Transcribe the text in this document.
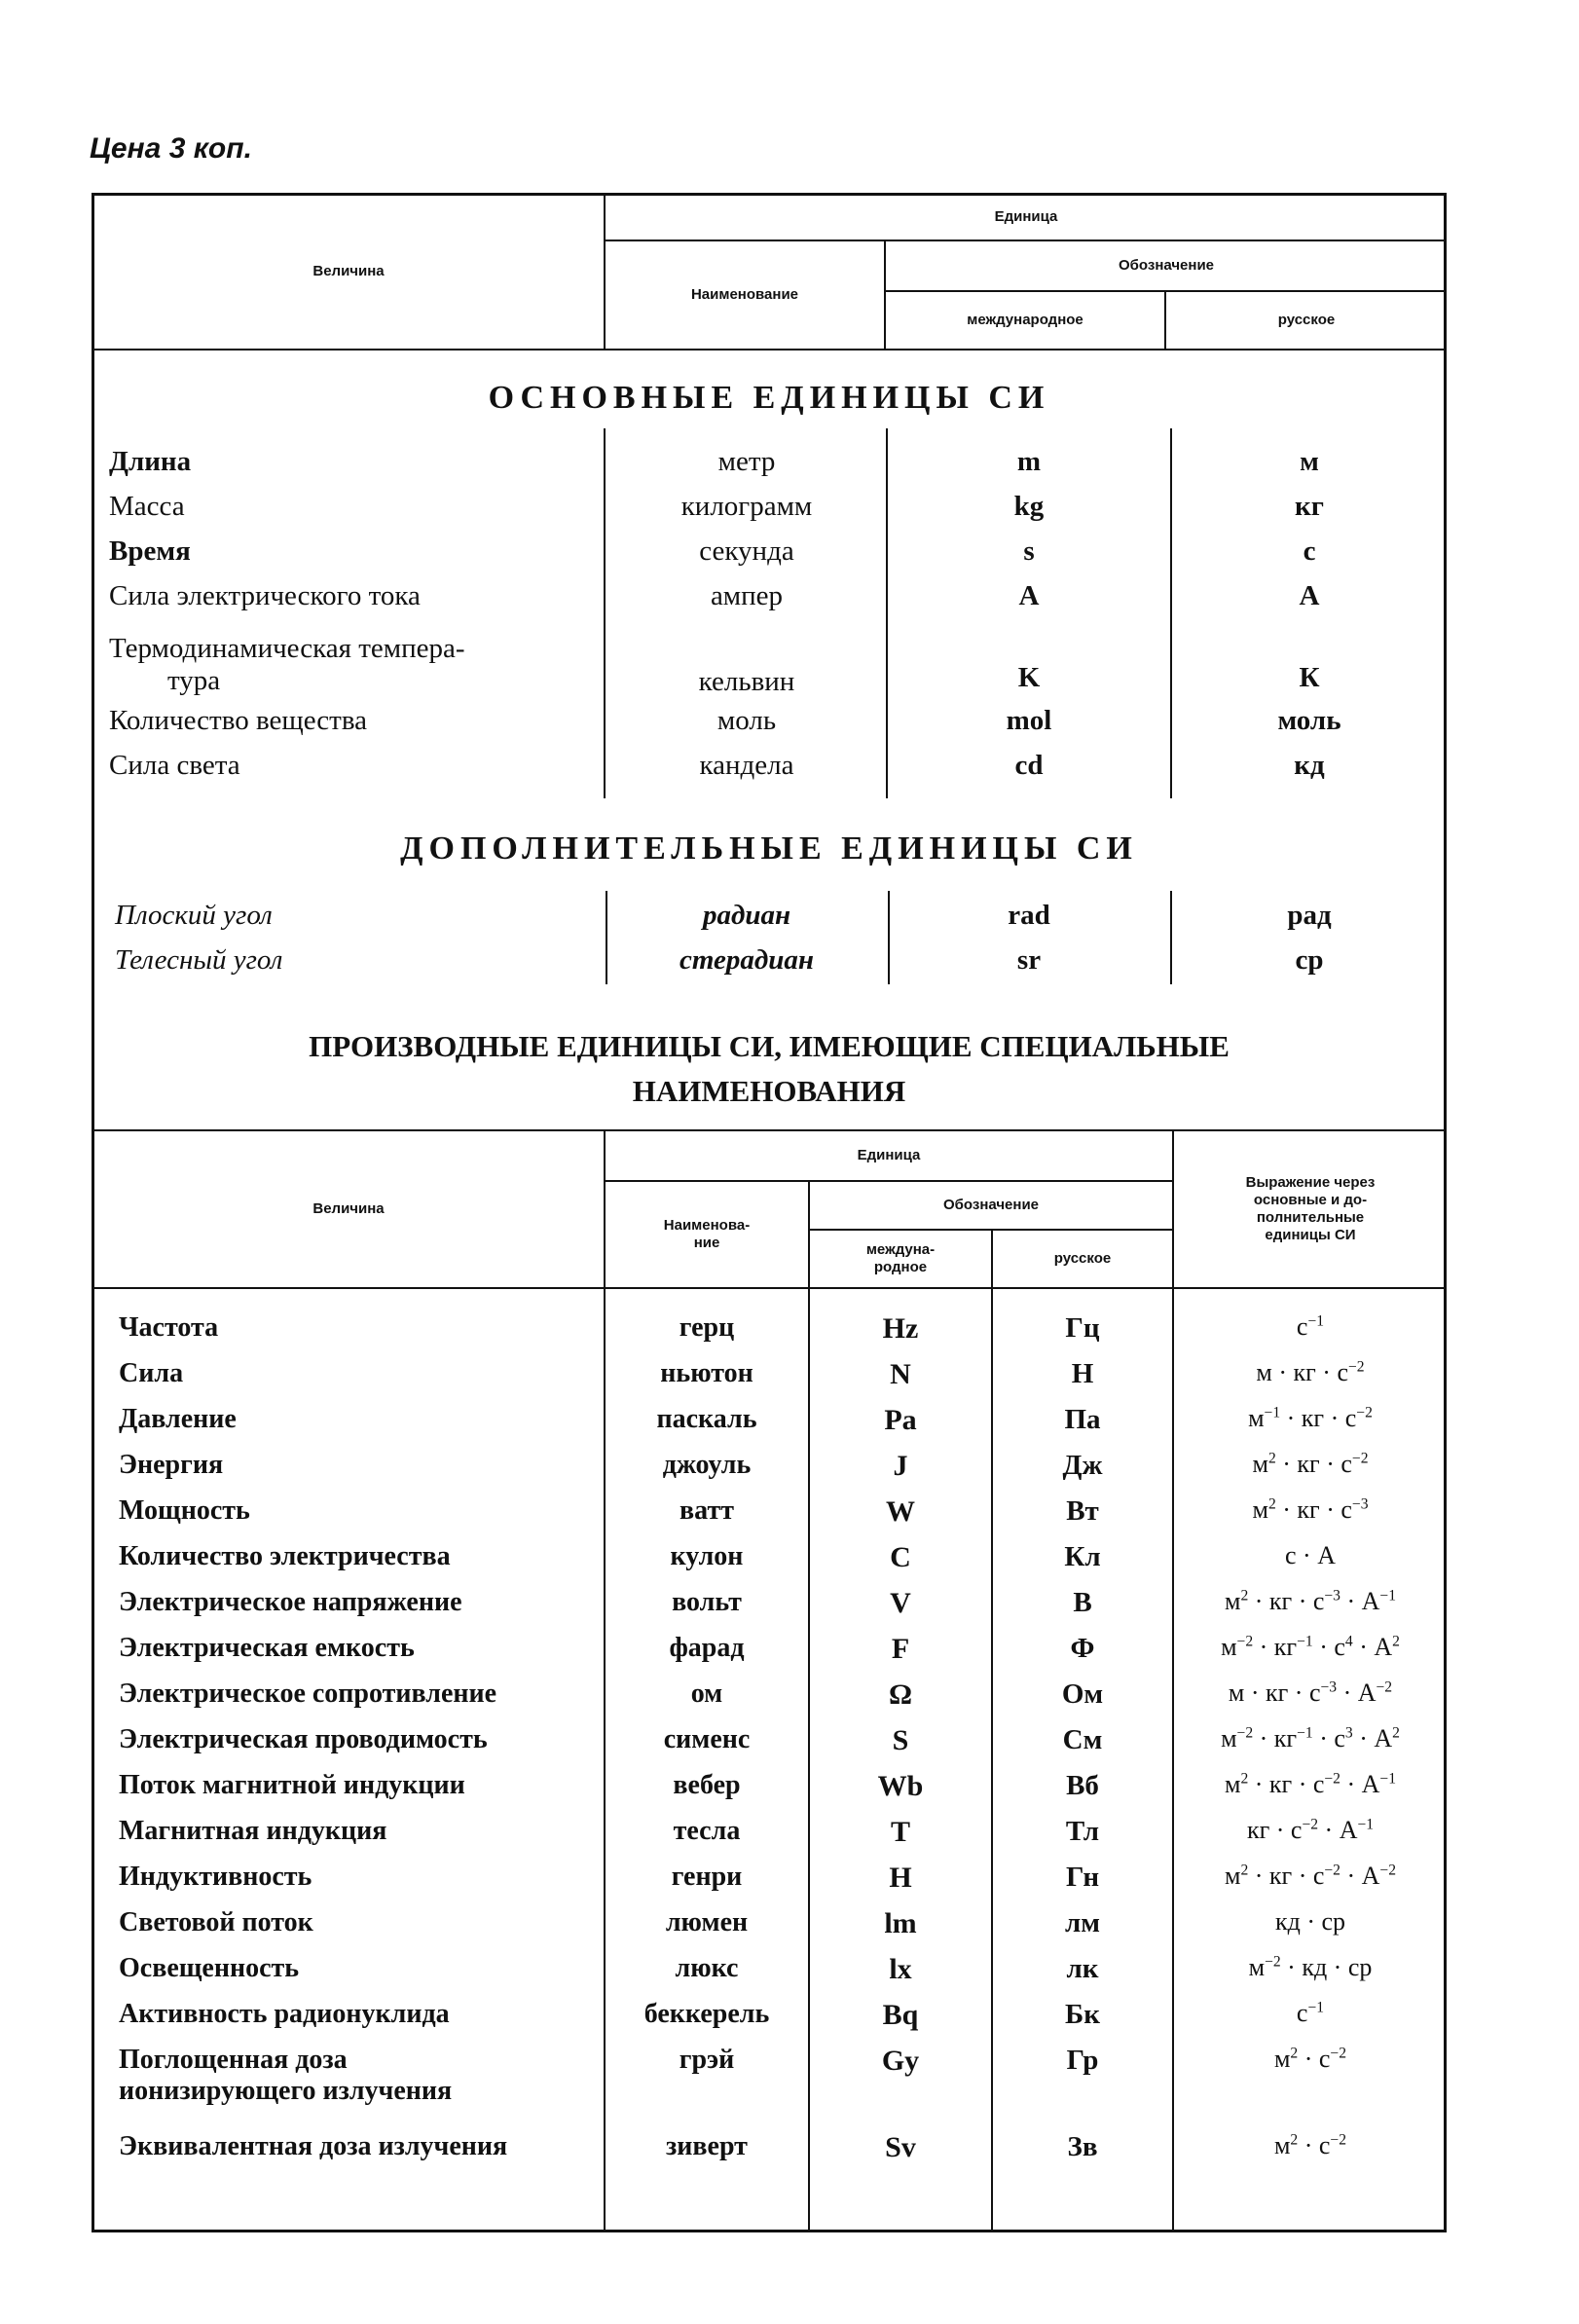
Цена 3 коп.
Величина
Единица
Наименование
Обозначение
международное	русское
ОСНОВНЫЕ ЕДИНИЦЫ СИ
Длина	метр	m	м
Масса	килограмм	kg	кг
Время	секунда	s	с
Сила электрического тока	ампер	A	А
Термодинамическая темпера-
тура	кельвин	K	К
Количество вещества	моль	mol	моль
Сила света	кандела	cd	кд
ДОПОЛНИТЕЛЬНЫЕ ЕДИНИЦЫ СИ
Плоский угол	радиан	rad	рад
Телесный угол	стерадиан	sr	ср
ПРОИЗВОДНЫЕ ЕДИНИЦЫ СИ, ИМЕЮЩИЕ СПЕЦИАЛЬНЫЕ
НАИМЕНОВАНИЯ
Величина
Единица
Наименова-
ние
Обозначение
междуна-
родное
русское
Выражение через
основные и до-
полнительные
единицы СИ
Частота	герц	Hz	Гц	$с^{-1}$
Сила	ньютон	N	Н	м · кг · $с^{-2}$
Давление	паскаль	Pa	Па	$м^{-1}$ · кг · $с^{-2}$
Энергия	джоуль	J	Дж	$м^2$ · кг · $с^{-2}$
Мощность	ватт	W	Вт	$м^2$ · кг · $с^{-3}$
Количество электричества	кулон	C	Кл	с · А
Электрическое напряжение	вольт	V	В	$м^2$ · кг · $с^{-3} \cdot А^{-1}$
Электрическая емкость	фарад	F	Ф	$м^{-2} \cdot кг^{-1} \cdot с^4 \cdot А^2$
Электрическое сопротивление	ом	Ω	Ом	м · кг · $с^{-3} \cdot А^{-2}$
Электрическая проводимость	сименс	S	См	$м^{-2} \cdot кг^{-1} \cdot с^3 \cdot А^2$
Поток магнитной индукции	вебер	Wb	Вб	$м^2$ · кг · $с^{-2} \cdot А^{-1}$
Магнитная индукция	тесла	T	Тл	кг · $с^{-2} \cdot А^{-1}$
Индуктивность	генри	H	Гн	$м^2$ · кг · $с^{-2} \cdot А^{-2}$
Световой поток	люмен	lm	лм	кд · ср
Освещенность	люкс	lx	лк	$м^{-2}$ · кд · ср
Активность радионуклида	беккерель	Bq	Бк	$с^{-1}$
Поглощенная доза
ионизирующего излучения
грэй	Gy	Гр	$м^2 \cdot с^{-2}$
Эквивалентная доза излучения	зиверт	Sv	Зв	$м^2 \cdot с^{-2}$
